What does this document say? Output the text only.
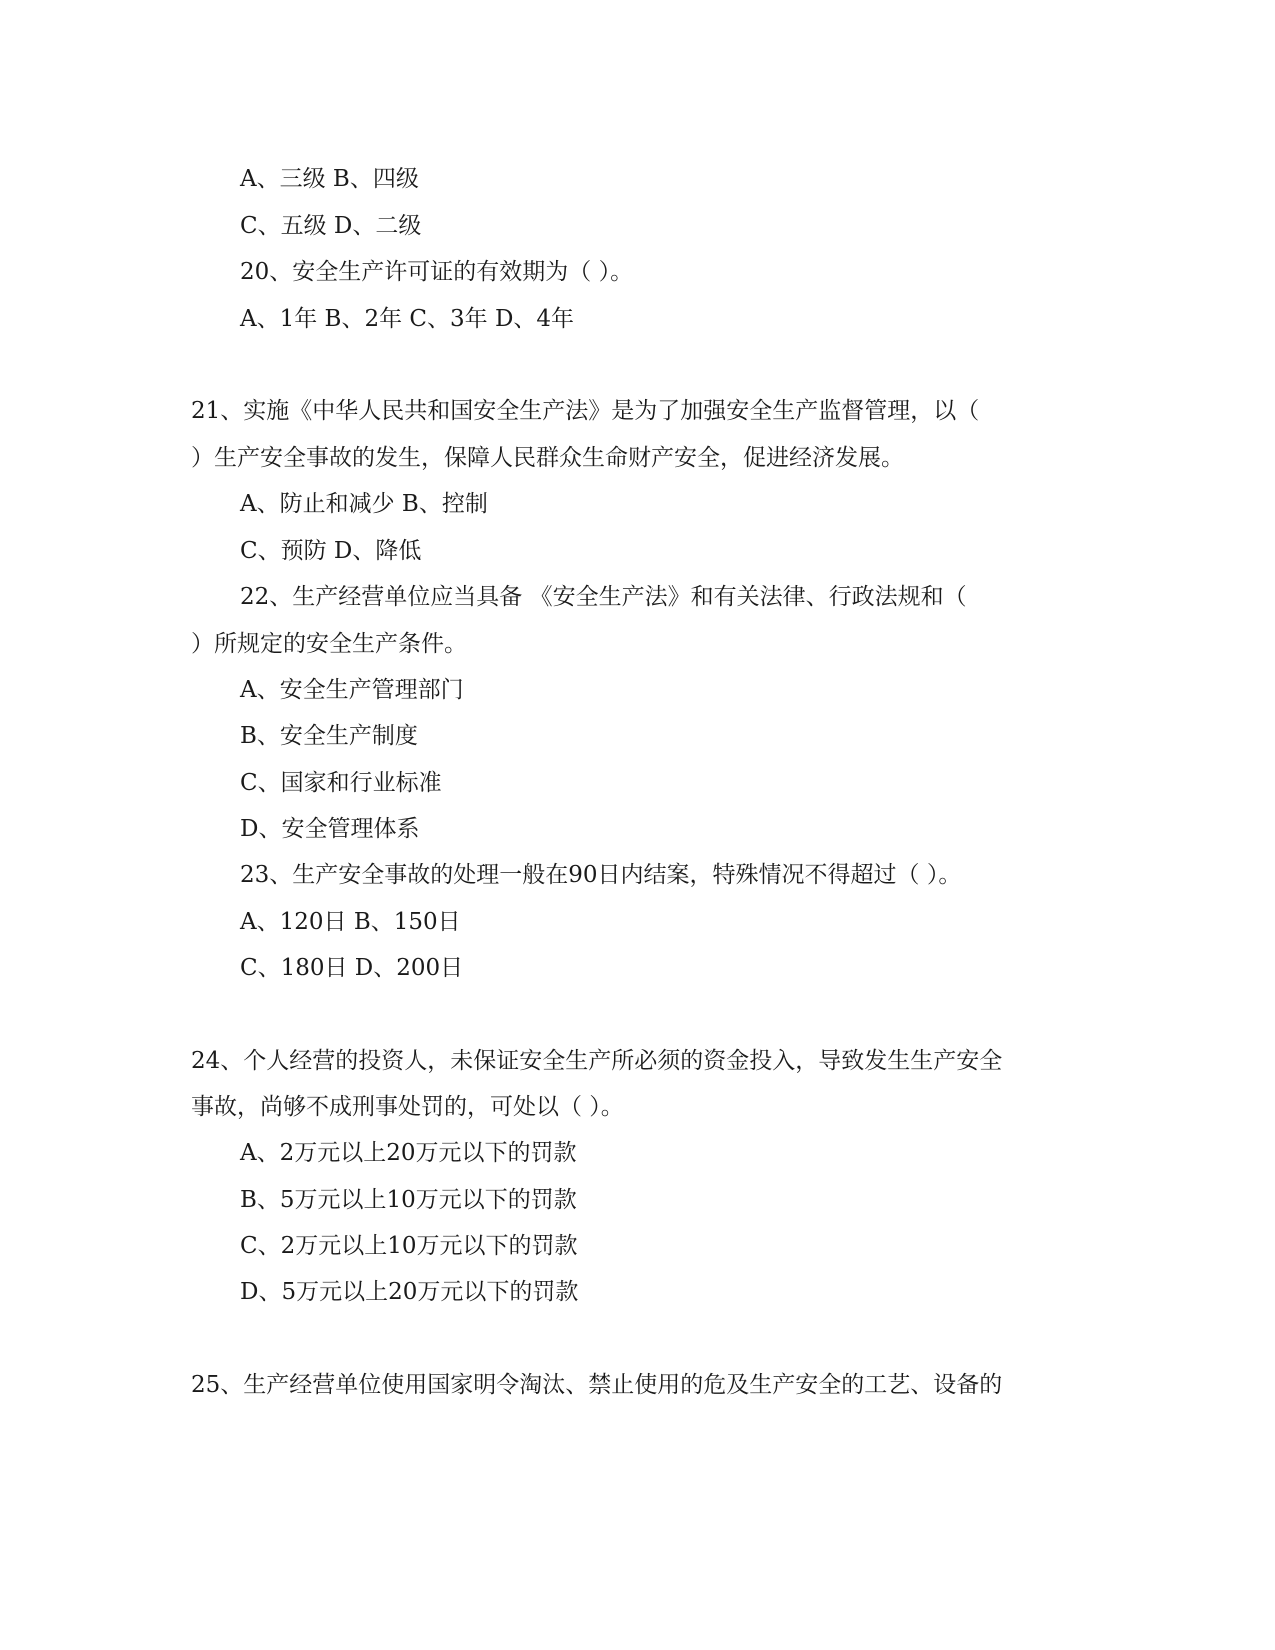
A、三级 B、四级
C、五级 D、二级
20、安全生产许可证的有效期为（ ）。
A、1年 B、2年 C、3年 D、4年
21、实施《中华人民共和国安全生产法》是为了加强安全生产监督管理，以（
）生产安全事故的发生，保障人民群众生命财产安全，促进经济发展。
A、防止和减少 B、控制
C、预防 D、降低
22、生产经营单位应当具备 《安全生产法》和有关法律、行政法规和（
）所规定的安全生产条件。
A、安全生产管理部门
B、安全生产制度
C、国家和行业标准
D、安全管理体系
23、生产安全事故的处理一般在90日内结案，特殊情况不得超过（ ）。
A、120日 B、150日
C、180日 D、200日
24、个人经营的投资人，未保证安全生产所必须的资金投入，导致发生生产安全
事故，尚够不成刑事处罚的，可处以（ ）。
A、2万元以上20万元以下的罚款
B、5万元以上10万元以下的罚款
C、2万元以上10万元以下的罚款
D、5万元以上20万元以下的罚款
25、生产经营单位使用国家明令淘汰、禁止使用的危及生产安全的工艺、设备的
